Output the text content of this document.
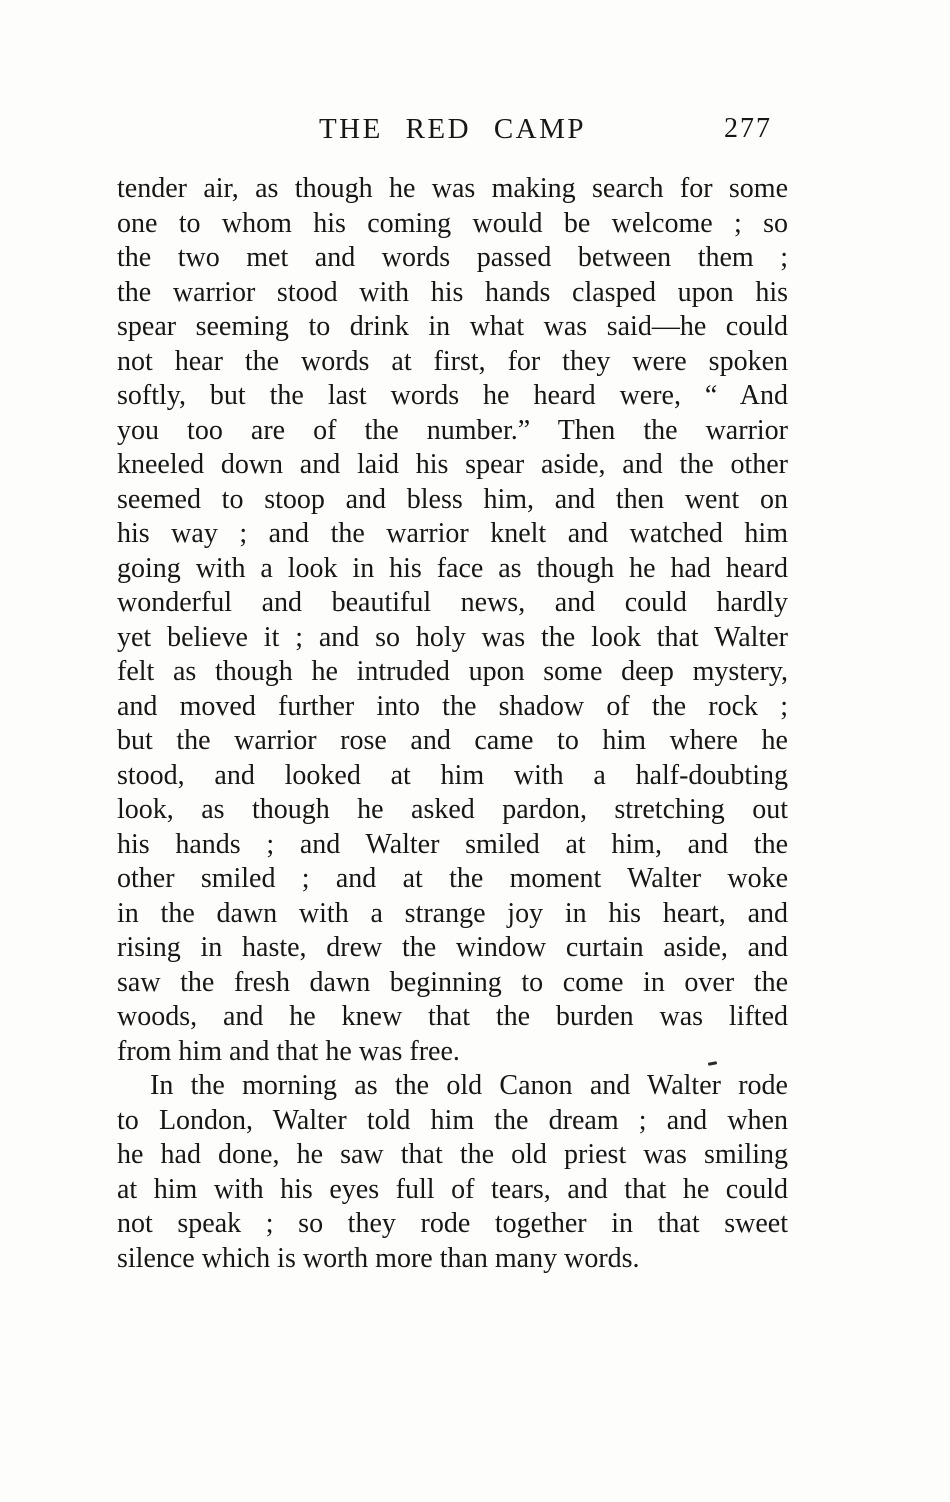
THE RED CAMP	277
tender air, as though he was making search for some
one to whom his coming would be welcome ; so
the two met and words passed between them ;
the warrior stood with his hands clasped upon his
spear seeming to drink in what was said—he could
not hear the words at first, for they were spoken
softly, but the last words he heard were, “ And
you too are of the number.” Then the warrior
kneeled down and laid his spear aside, and the other
seemed to stoop and bless him, and then went on
his way ; and the warrior knelt and watched him
going with a look in his face as though he had heard
wonderful and beautiful news, and could hardly
yet believe it ; and so holy was the look that Walter
felt as though he intruded upon some deep mystery,
and moved further into the shadow of the rock ;
but the warrior rose and came to him where he
stood, and looked at him with a half-doubting
look, as though he asked pardon, stretching out
his hands ; and Walter smiled at him, and the
other smiled ; and at the moment Walter woke
in the dawn with a strange joy in his heart, and
rising in haste, drew the window curtain aside, and
saw the fresh dawn beginning to come in over the
woods, and he knew that the burden was lifted
from him and that he was free.
In the morning as the old Canon and Walter rode
to London, Walter told him the dream ; and when
he had done, he saw that the old priest was smiling
at him with his eyes full of tears, and that he could
not speak ; so they rode together in that sweet
silence which is worth more than many words.
